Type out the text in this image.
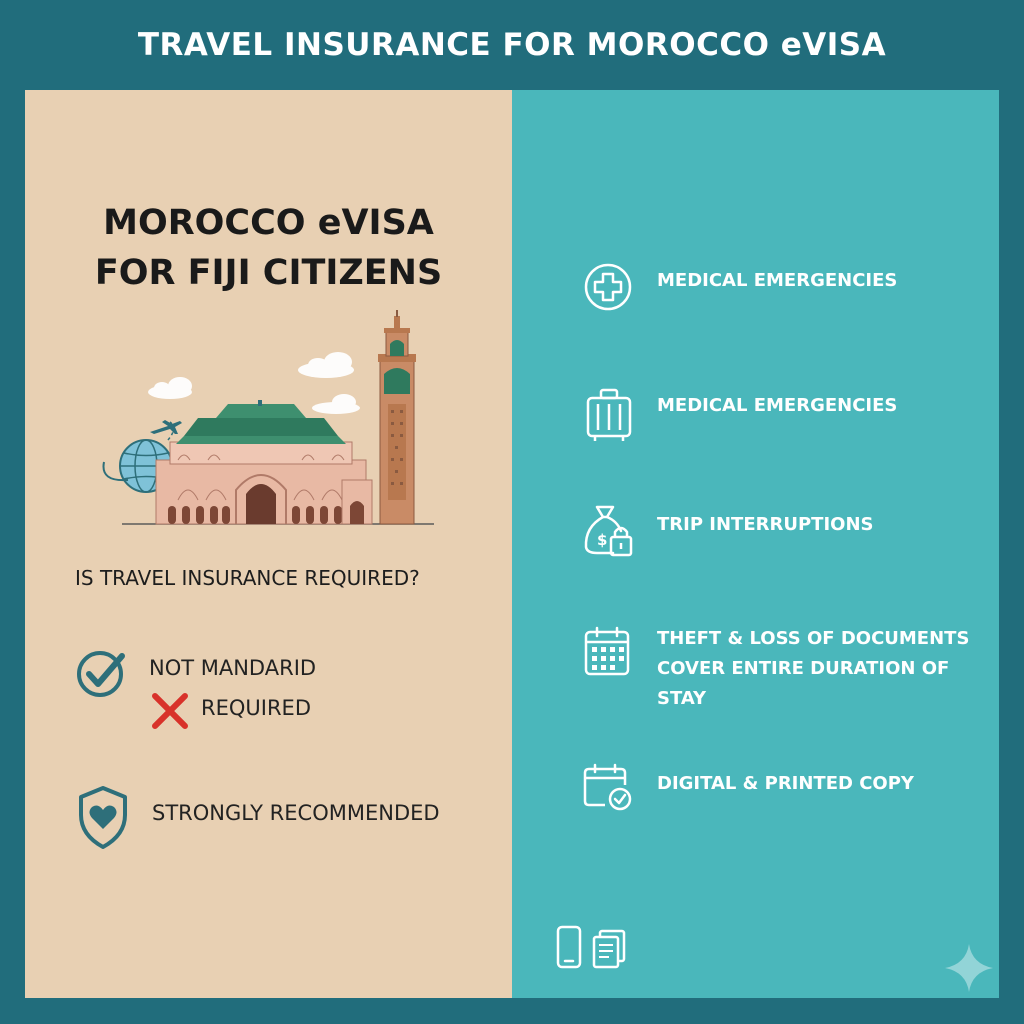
TRAVEL INSURANCE FOR MOROCCO eVISA
MOROCCO eVISA
FOR FIJI CITIZENS
IS TRAVEL INSURANCE REQUIRED?
NOT MANDARID
REQUIRED
STRONGLY RECOMMENDED
MEDICAL EMERGENCIES
MEDICAL EMERGENCIES
$
TRIP INTERRUPTIONS
THEFT & LOSS OF DOCUMENTS
COVER ENTIRE DURATION OF
STAY
DIGITAL & PRINTED COPY
